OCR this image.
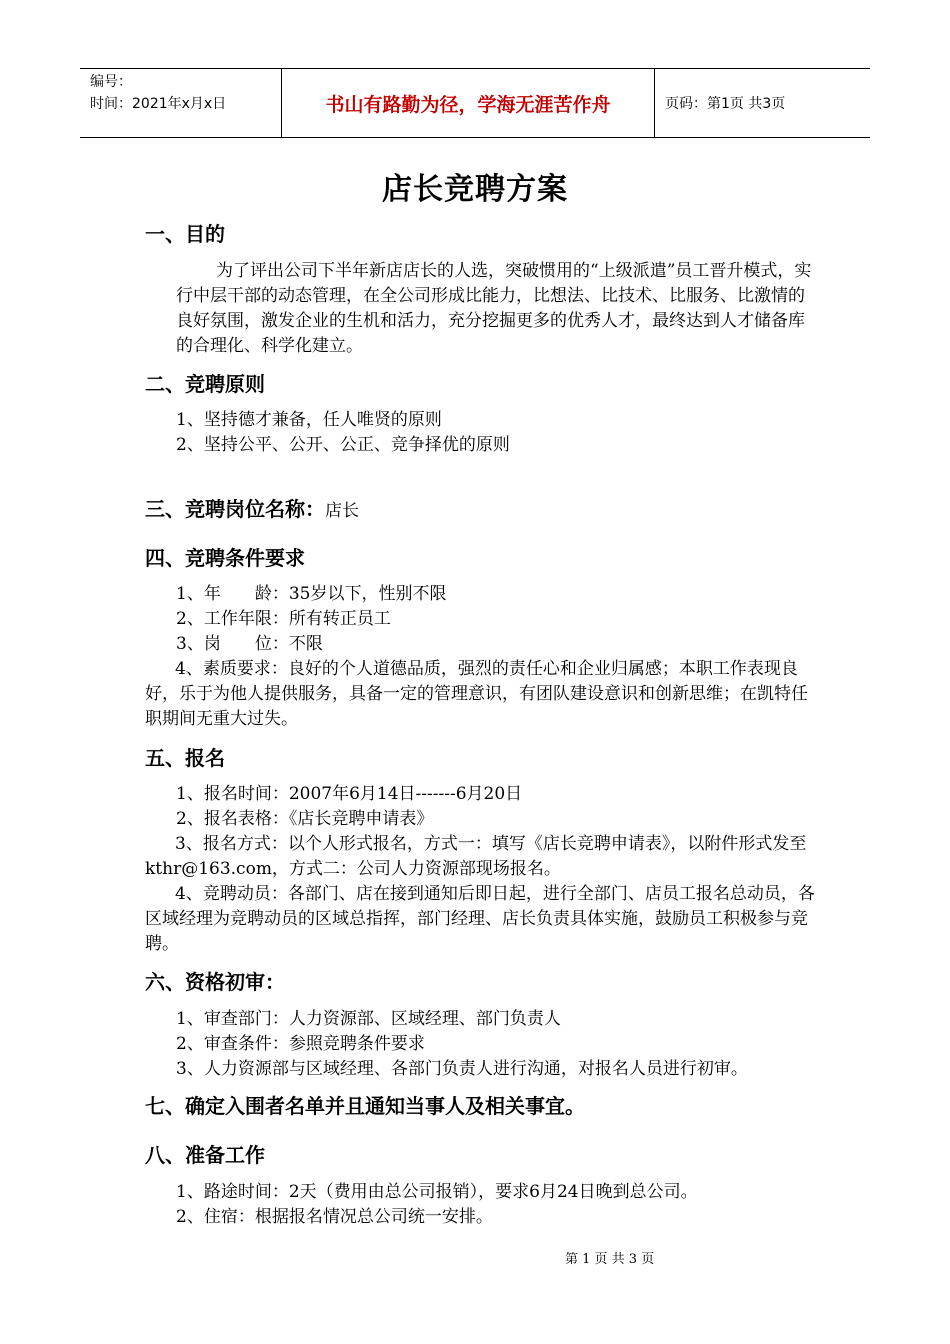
编号：
时间：2021年x月x日	书山有路勤为径，学海无涯苦作舟	页码：第1页 共3页
店长竞聘方案
一、目的
为了评出公司下半年新店店长的人选，突破惯用的“上级派遣”员工晋升模式，实行中层干部的动态管理，在全公司形成比能力，比想法、比技术、比服务、比激情的良好氛围，激发企业的生机和活力，充分挖掘更多的优秀人才，最终达到人才储备库的合理化、科学化建立。
二、竞聘原则
1、坚持德才兼备，任人唯贤的原则
2、坚持公平、公开、公正、竞争择优的原则
三、竞聘岗位名称：店长
四、竞聘条件要求
1、年　　龄：35岁以下，性别不限
2、工作年限：所有转正员工
3、岗　　位：不限
4、素质要求：良好的个人道德品质，强烈的责任心和企业归属感；本职工作表现良好，乐于为他人提供服务，具备一定的管理意识，有团队建设意识和创新思维；在凯特任职期间无重大过失。
五、报名
1、报名时间：2007年6月14日-------6月20日
2、报名表格：《店长竞聘申请表》
3、报名方式：以个人形式报名，方式一：填写《店长竞聘申请表》，以附件形式发至kthr@163.com，方式二：公司人力资源部现场报名。
4、竞聘动员：各部门、店在接到通知后即日起，进行全部门、店员工报名总动员，各区域经理为竞聘动员的区域总指挥，部门经理、店长负责具体实施，鼓励员工积极参与竞聘。
六、资格初审：
1、审查部门：人力资源部、区域经理、部门负责人
2、审查条件：参照竞聘条件要求
3、人力资源部与区域经理、各部门负责人进行沟通，对报名人员进行初审。
七、确定入围者名单并且通知当事人及相关事宜。
八、准备工作
1、路途时间：2天（费用由总公司报销），要求6月24日晚到总公司。
2、住宿：根据报名情况总公司统一安排。
第 1 页 共 3 页
